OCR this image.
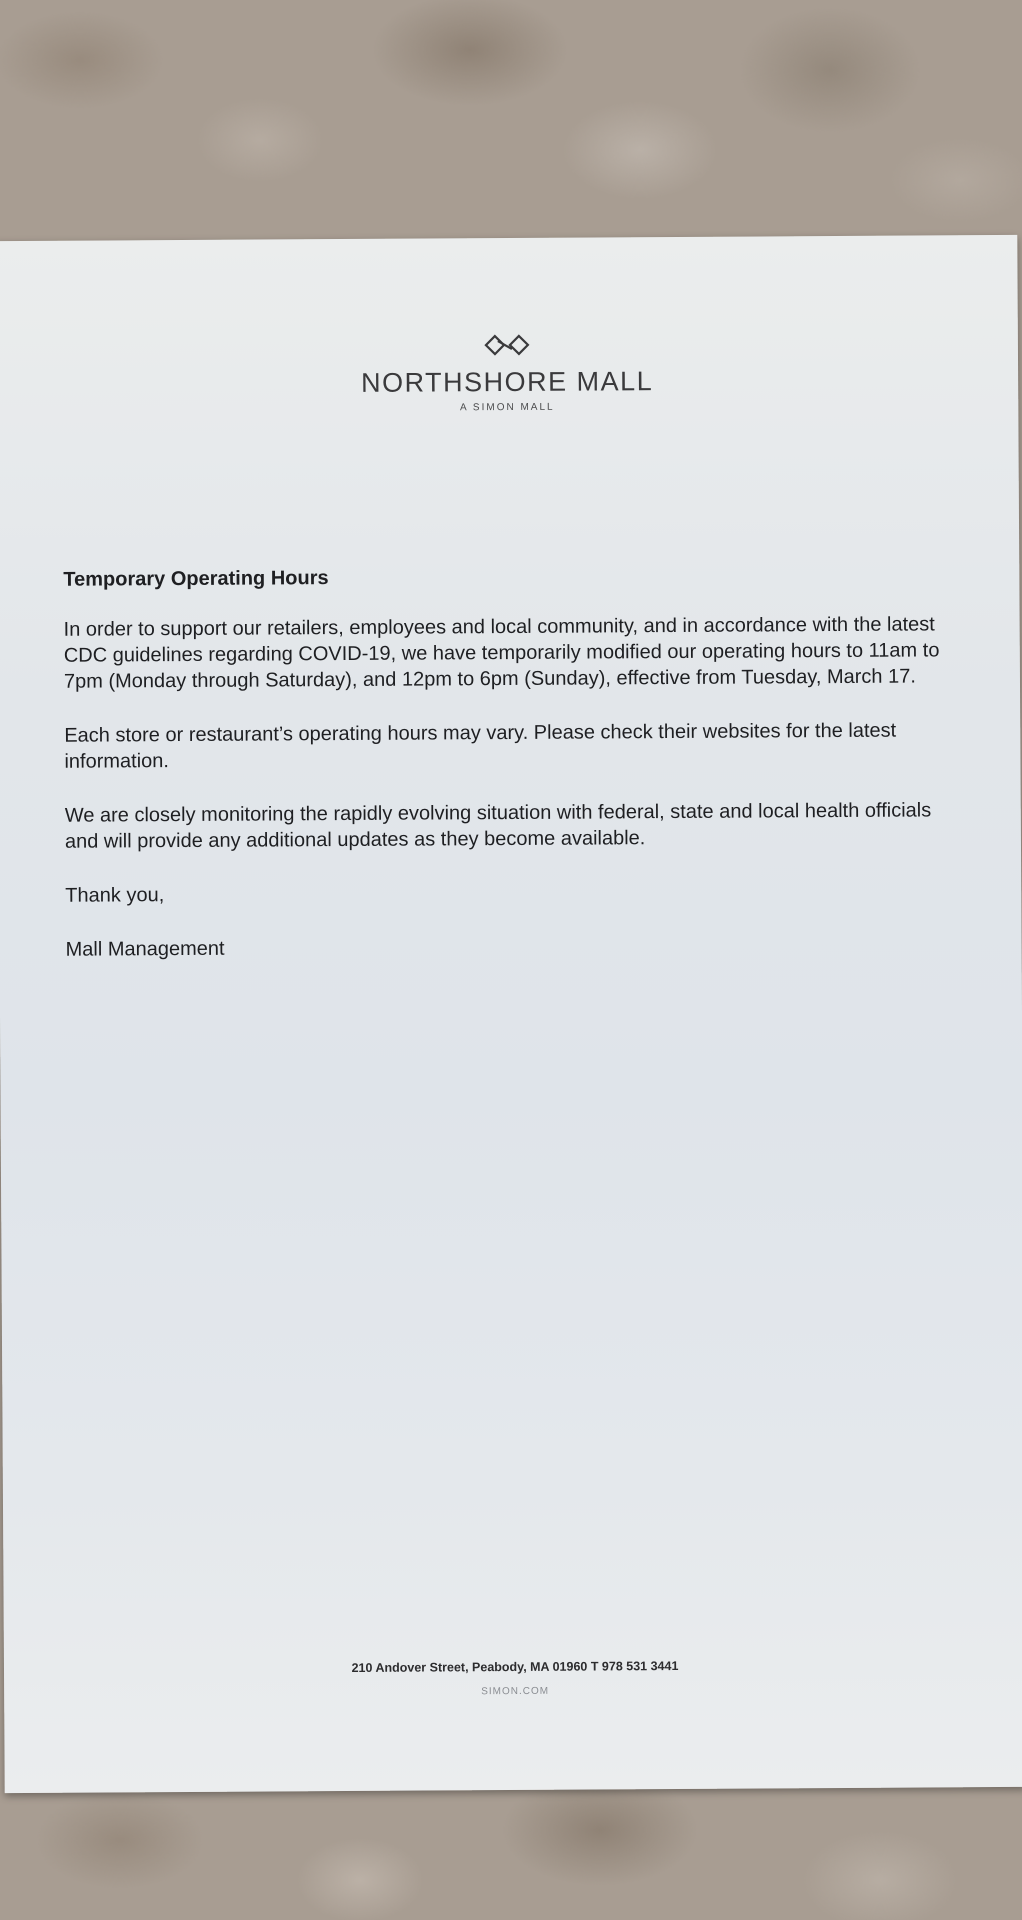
NORTHSHORE MALL
A SIMON MALL

Temporary Operating Hours

In order to support our retailers, employees and local community, and in accordance with the latest CDC guidelines regarding COVID-19, we have temporarily modified our operating hours to 11am to 7pm (Monday through Saturday), and 12pm to 6pm (Sunday), effective from Tuesday, March 17.

Each store or restaurant’s operating hours may vary. Please check their websites for the latest information.

We are closely monitoring the rapidly evolving situation with federal, state and local health officials and will provide any additional updates as they become available.

Thank you,

Mall Management

210 Andover Street, Peabody, MA 01960 T 978 531 3441
SIMON.COM
